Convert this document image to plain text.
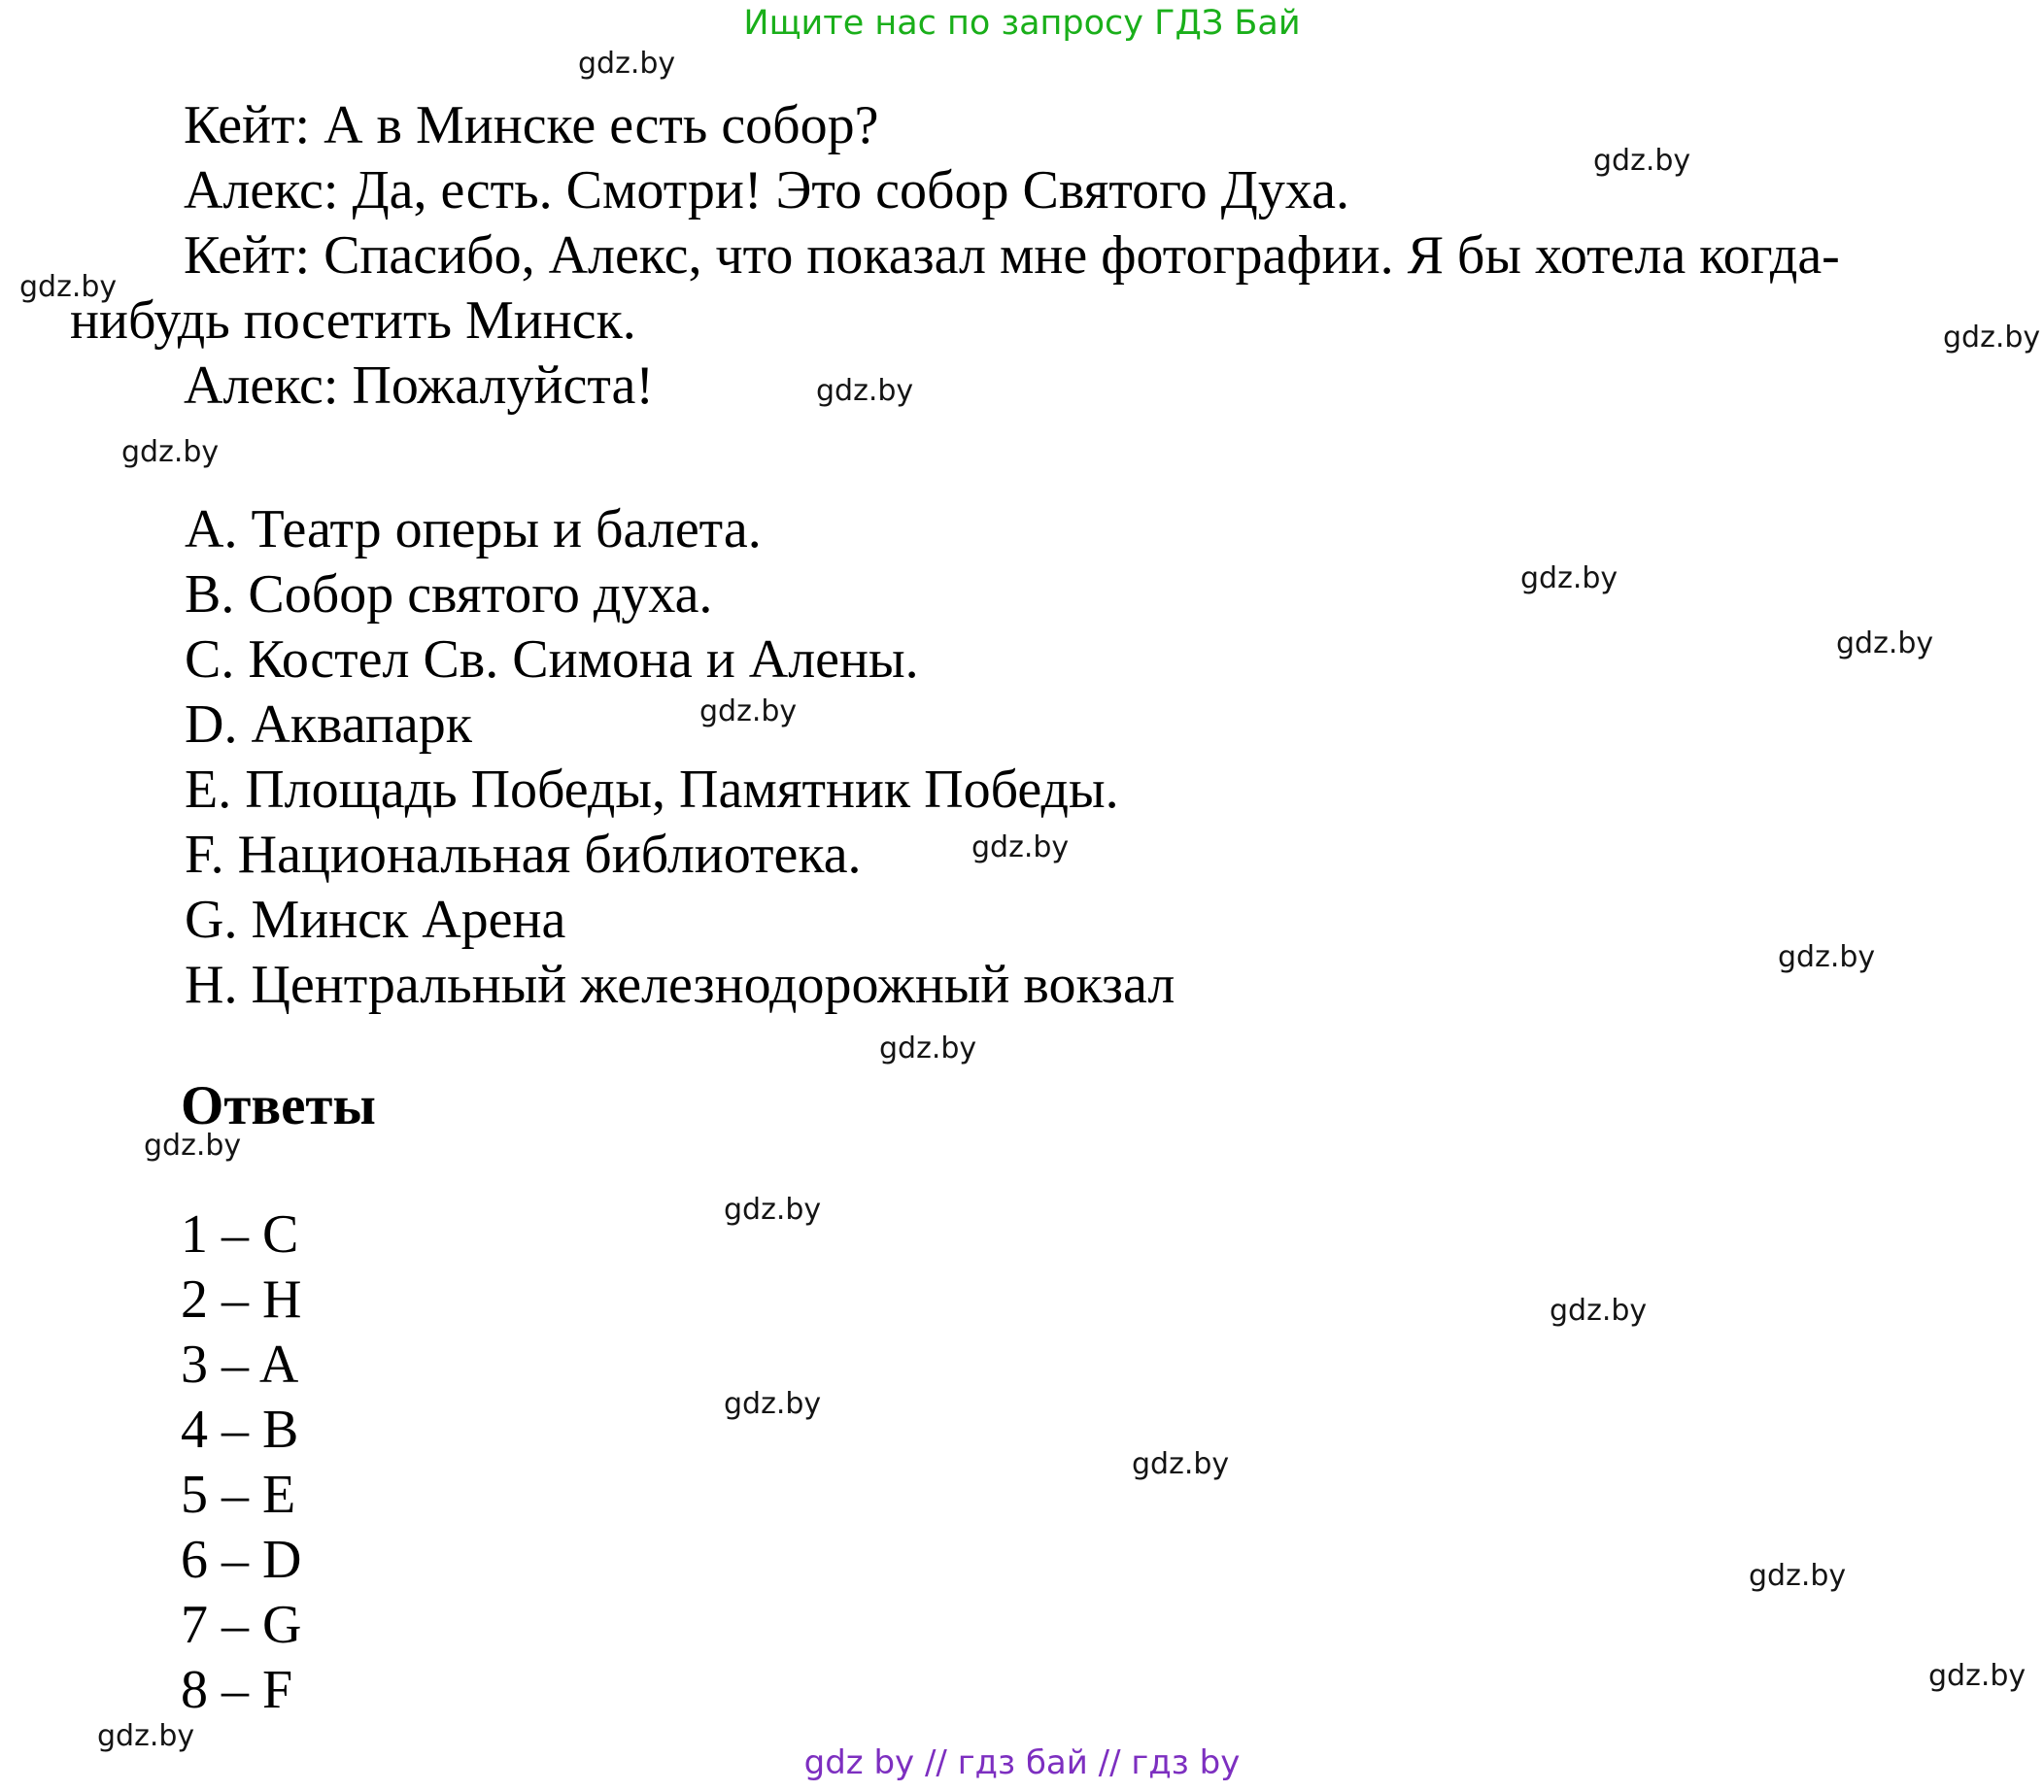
Ищите нас по запросу ГДЗ Бай
Кейт: А в Минске есть собор?
Алекс: Да, есть. Смотри! Это собор Святого Духа.
Кейт: Спасибо, Алекс, что показал мне фотографии. Я бы хотела когда-
нибудь посетить Минск.
Алекс: Пожалуйста!
A. Театр оперы и балета.
B. Собор святого духа.
C. Костел Св. Симона и Алены.
D. Аквапарк
E. Площадь Победы, Памятник Победы.
F. Национальная библиотека.
G. Минск Арена
H. Центральный железнодорожный вокзал
Ответы
1 – C
2 – H
3 – A
4 – B
5 – E
6 – D
7 – G
8 – F
gdz by // гдз бай // гдз by
gdz.by
gdz.by
gdz.by
gdz.by
gdz.by
gdz.by
gdz.by
gdz.by
gdz.by
gdz.by
gdz.by
gdz.by
gdz.by
gdz.by
gdz.by
gdz.by
gdz.by
gdz.by
gdz.by
gdz.by
